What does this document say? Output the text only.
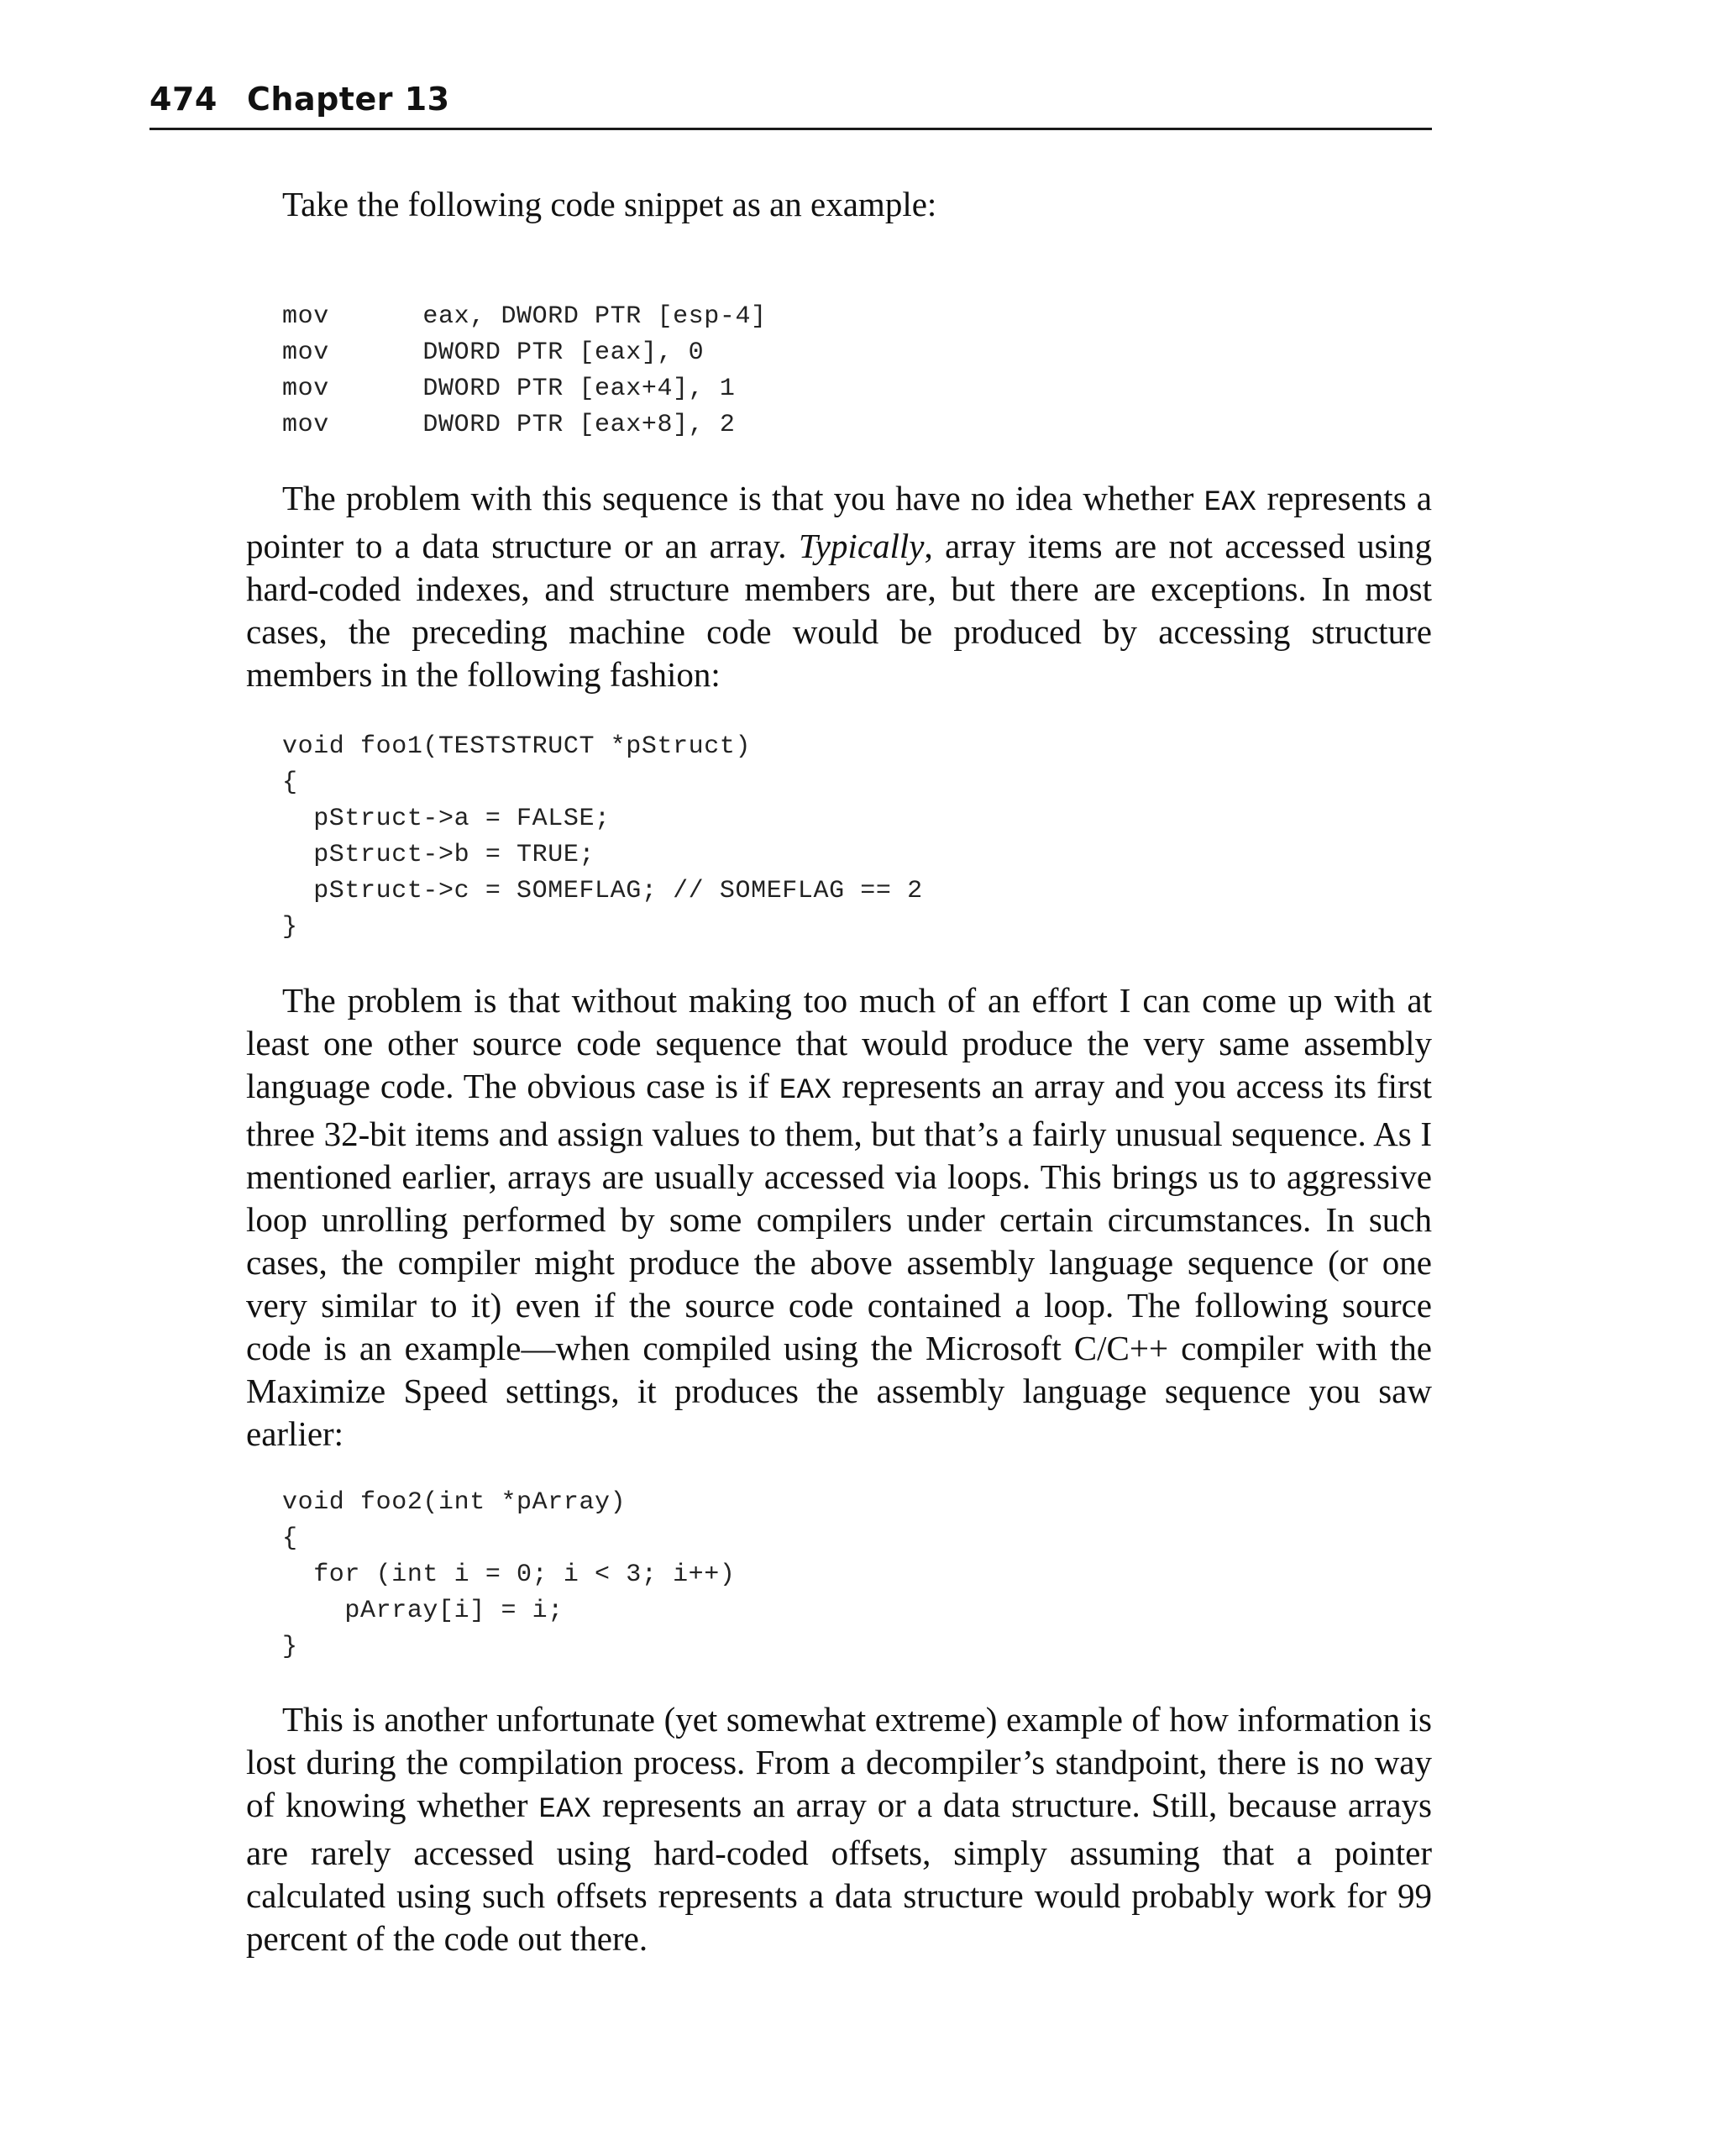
474 Chapter 13

Take the following code snippet as an example:

mov      eax, DWORD PTR [esp-4]
mov      DWORD PTR [eax], 0
mov      DWORD PTR [eax+4], 1
mov      DWORD PTR [eax+8], 2

The problem with this sequence is that you have no idea whether EAX represents a pointer to a data structure or an array. Typically, array items are not accessed using hard-coded indexes, and structure members are, but there are exceptions. In most cases, the preceding machine code would be produced by accessing structure members in the following fashion:

void foo1(TESTSTRUCT *pStruct)
{
pStruct->a = FALSE;
pStruct->b = TRUE;
pStruct->c = SOMEFLAG; // SOMEFLAG == 2
}

The problem is that without making too much of an effort I can come up with at least one other source code sequence that would produce the very same assembly language code. The obvious case is if EAX represents an array and you access its first three 32-bit items and assign values to them, but that’s a fairly unusual sequence. As I mentioned earlier, arrays are usually accessed via loops. This brings us to aggressive loop unrolling performed by some compilers under certain circumstances. In such cases, the compiler might produce the above assembly language sequence (or one very similar to it) even if the source code contained a loop. The following source code is an example—when compiled using the Microsoft C/C++ compiler with the Maximize Speed settings, it produces the assembly language sequence you saw earlier:

void foo2(int *pArray)
{
for (int i = 0; i < 3; i++)
pArray[i] = i;
}

This is another unfortunate (yet somewhat extreme) example of how information is lost during the compilation process. From a decompiler’s standpoint, there is no way of knowing whether EAX represents an array or a data structure. Still, because arrays are rarely accessed using hard-coded offsets, simply assuming that a pointer calculated using such offsets represents a data structure would probably work for 99 percent of the code out there.
